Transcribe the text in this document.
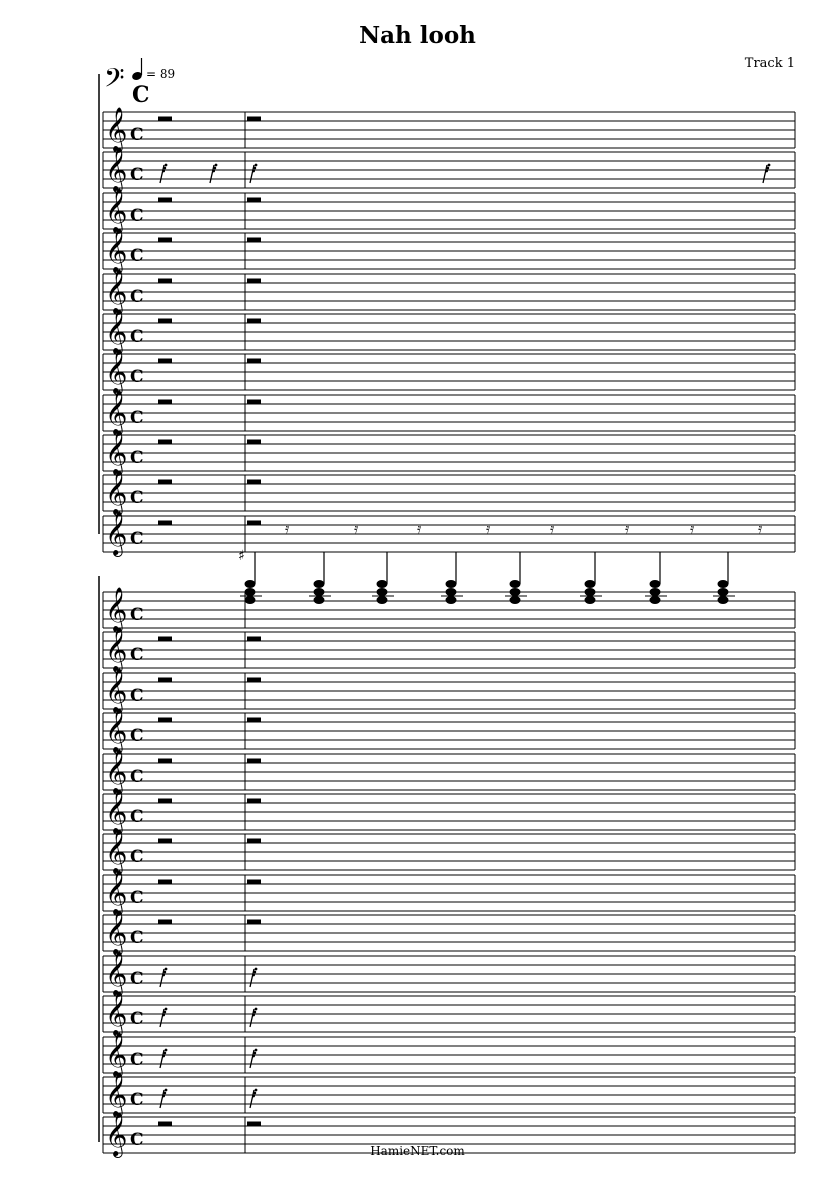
Nah looh
Track 1
𝄢 C
= 89
𝄞 C
𝄞 C
𝄞 C
𝄞 C
𝄞 C
𝄞 C
𝄞 C
𝄞 C
𝄞 C
𝄞 C
𝄞 C
𝄞 C
𝄞 C
𝄞 C
𝄞 C
𝄞 C
𝄞 C
𝄞 C
𝄞 C
𝄞 C
𝄞 C
𝄞 C
𝄞 C
𝄞 C
𝄞 C
𝄿	𝄿	𝄿	𝄿	𝄿	𝄿	𝄿	𝄿
♯
HamieNET.com
